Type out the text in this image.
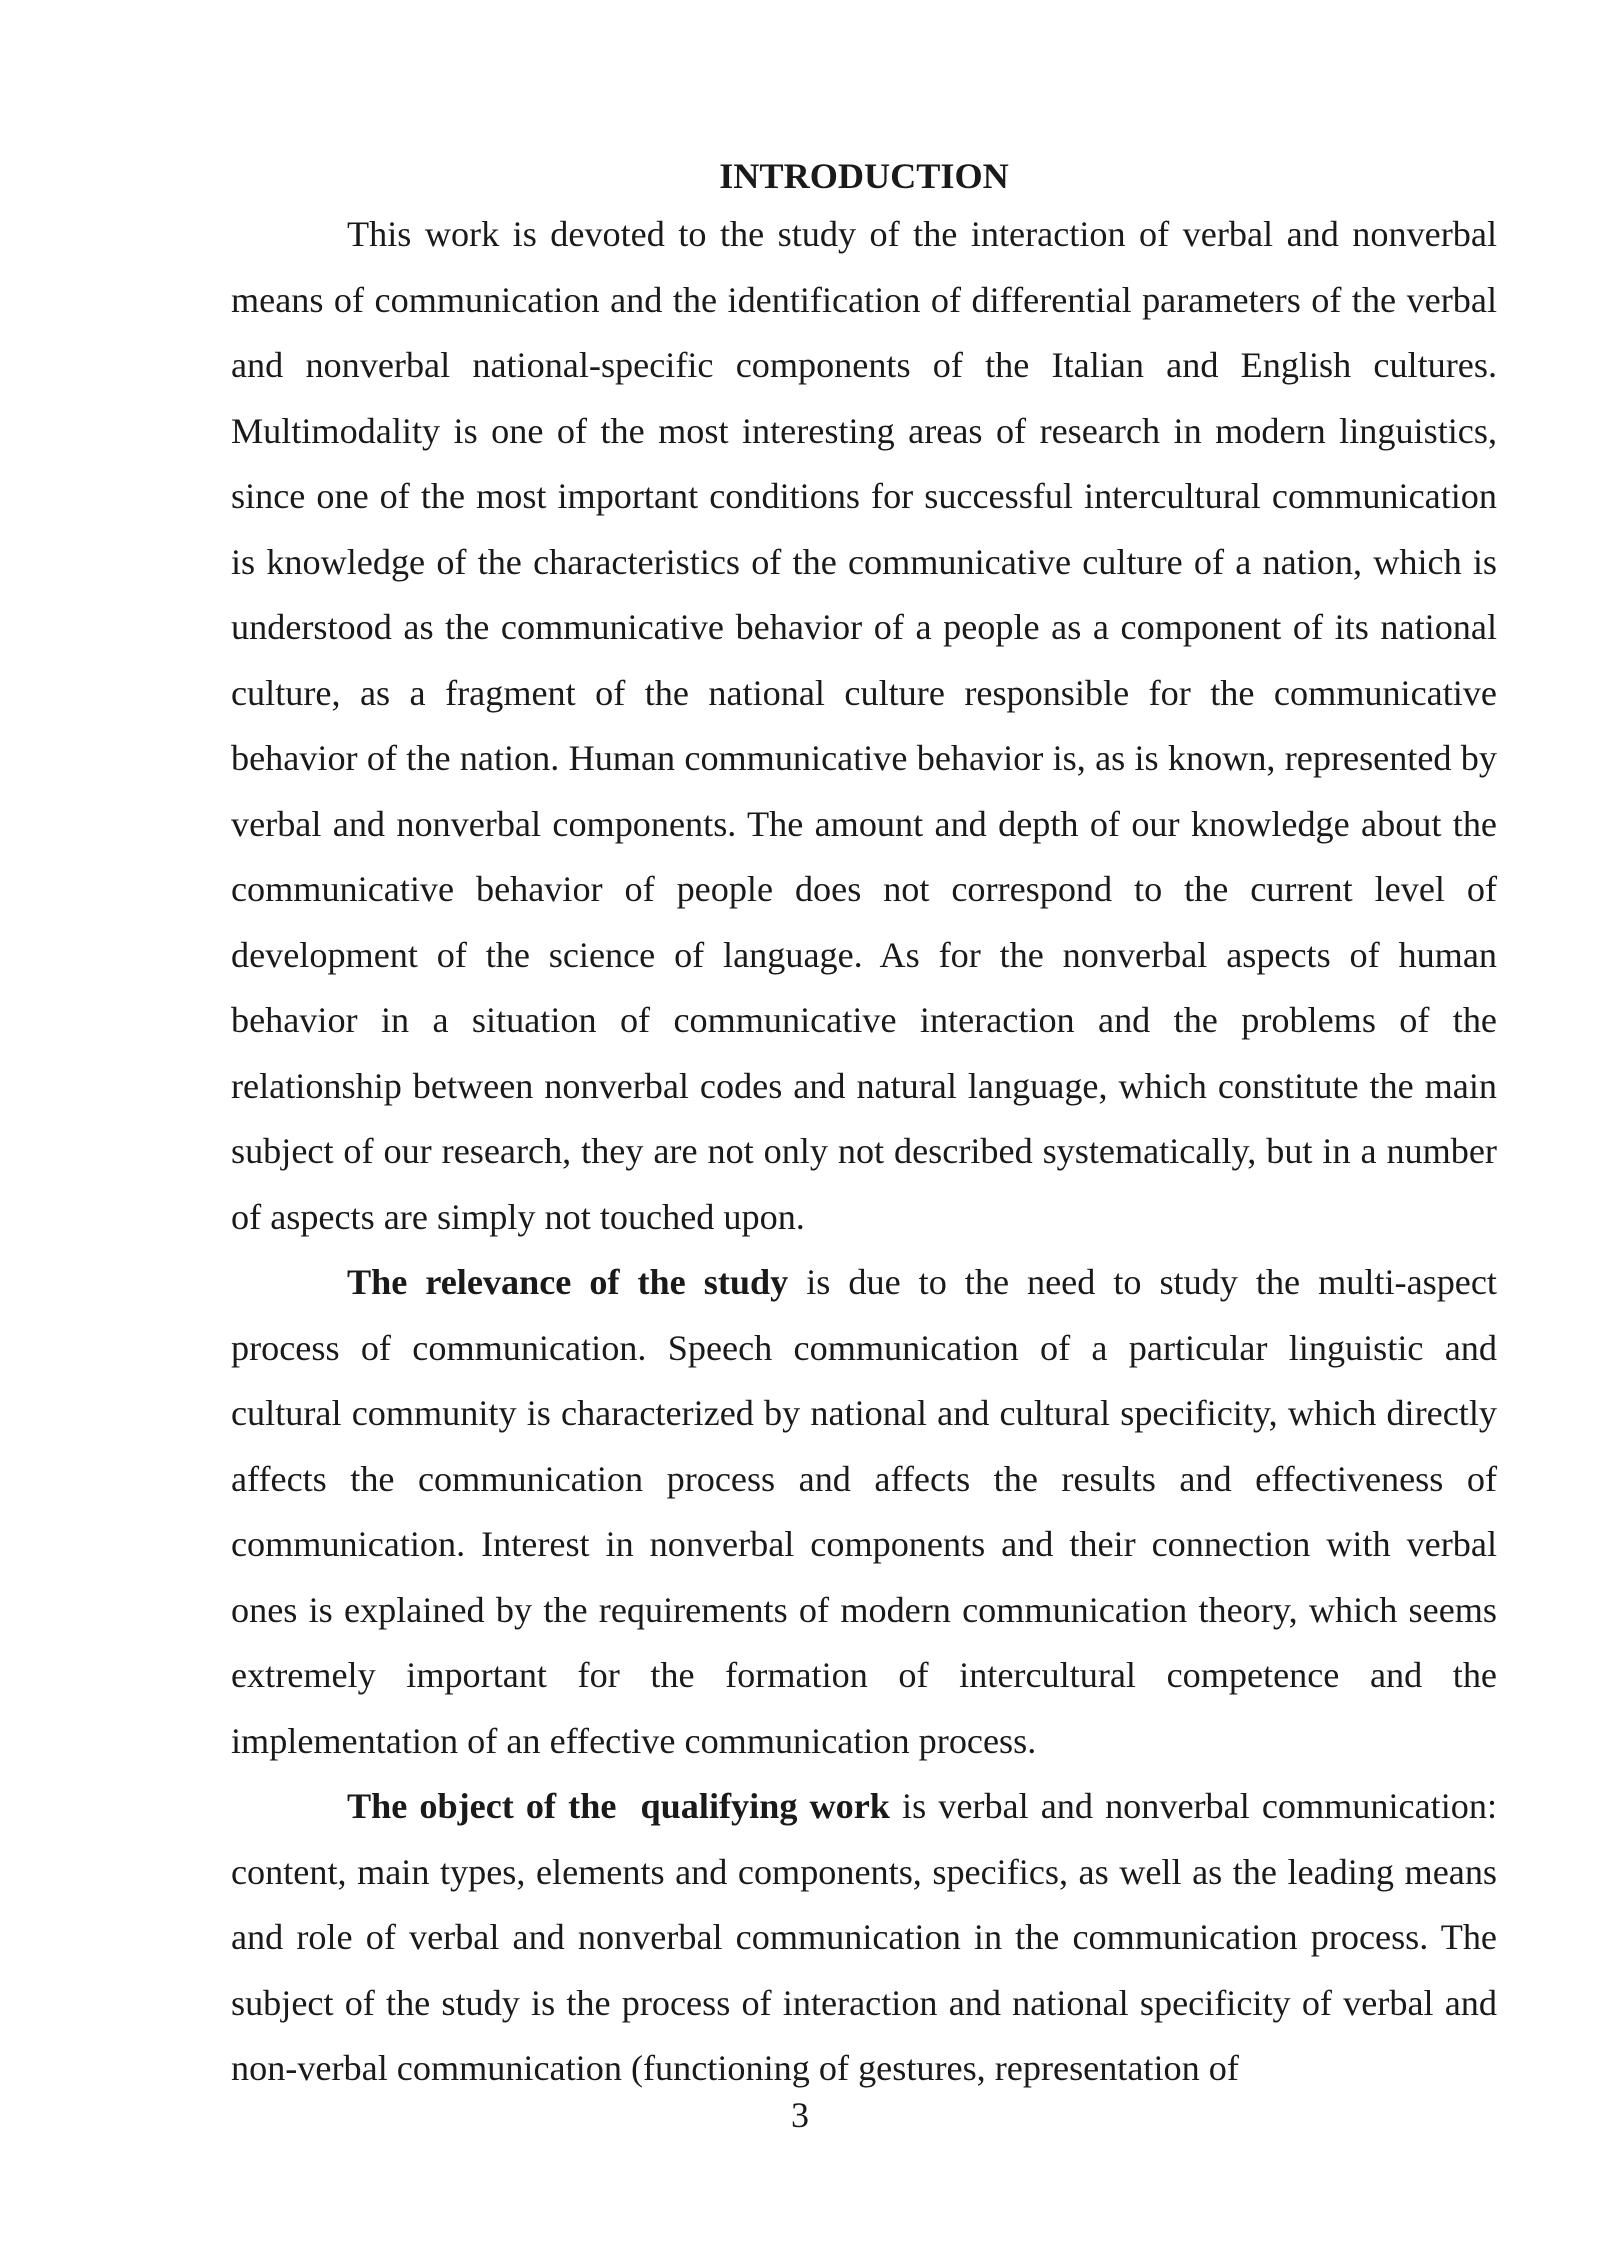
INTRODUCTION

This work is devoted to the study of the interaction of verbal and nonverbal means of communication and the identification of differential parameters of the verbal and nonverbal national-specific components of the Italian and English cultures. Multimodality is one of the most interesting areas of research in modern linguistics, since one of the most important conditions for successful intercultural communication is knowledge of the characteristics of the communicative culture of a nation, which is understood as the communicative behavior of a people as a component of its national culture, as a fragment of the national culture responsible for the communicative behavior of the nation. Human communicative behavior is, as is known, represented by verbal and nonverbal components. The amount and depth of our knowledge about the communicative behavior of people does not correspond to the current level of development of the science of language. As for the nonverbal aspects of human behavior in a situation of communicative interaction and the problems of the relationship between nonverbal codes and natural language, which constitute the main subject of our research, they are not only not described systematically, but in a number of aspects are simply not touched upon.

The relevance of the study is due to the need to study the multi-aspect process of communication. Speech communication of a particular linguistic and cultural community is characterized by national and cultural specificity, which directly affects the communication process and affects the results and effectiveness of communication. Interest in nonverbal components and their connection with verbal ones is explained by the requirements of modern communication theory, which seems extremely important for the formation of intercultural competence and the implementation of an effective communication process.

The object of the  qualifying work is verbal and nonverbal communication: content, main types, elements and components, specifics, as well as the leading means and role of verbal and nonverbal communication in the communication process. The subject of the study is the process of interaction and national specificity of verbal and non-verbal communication (functioning of gestures, representation of

3
